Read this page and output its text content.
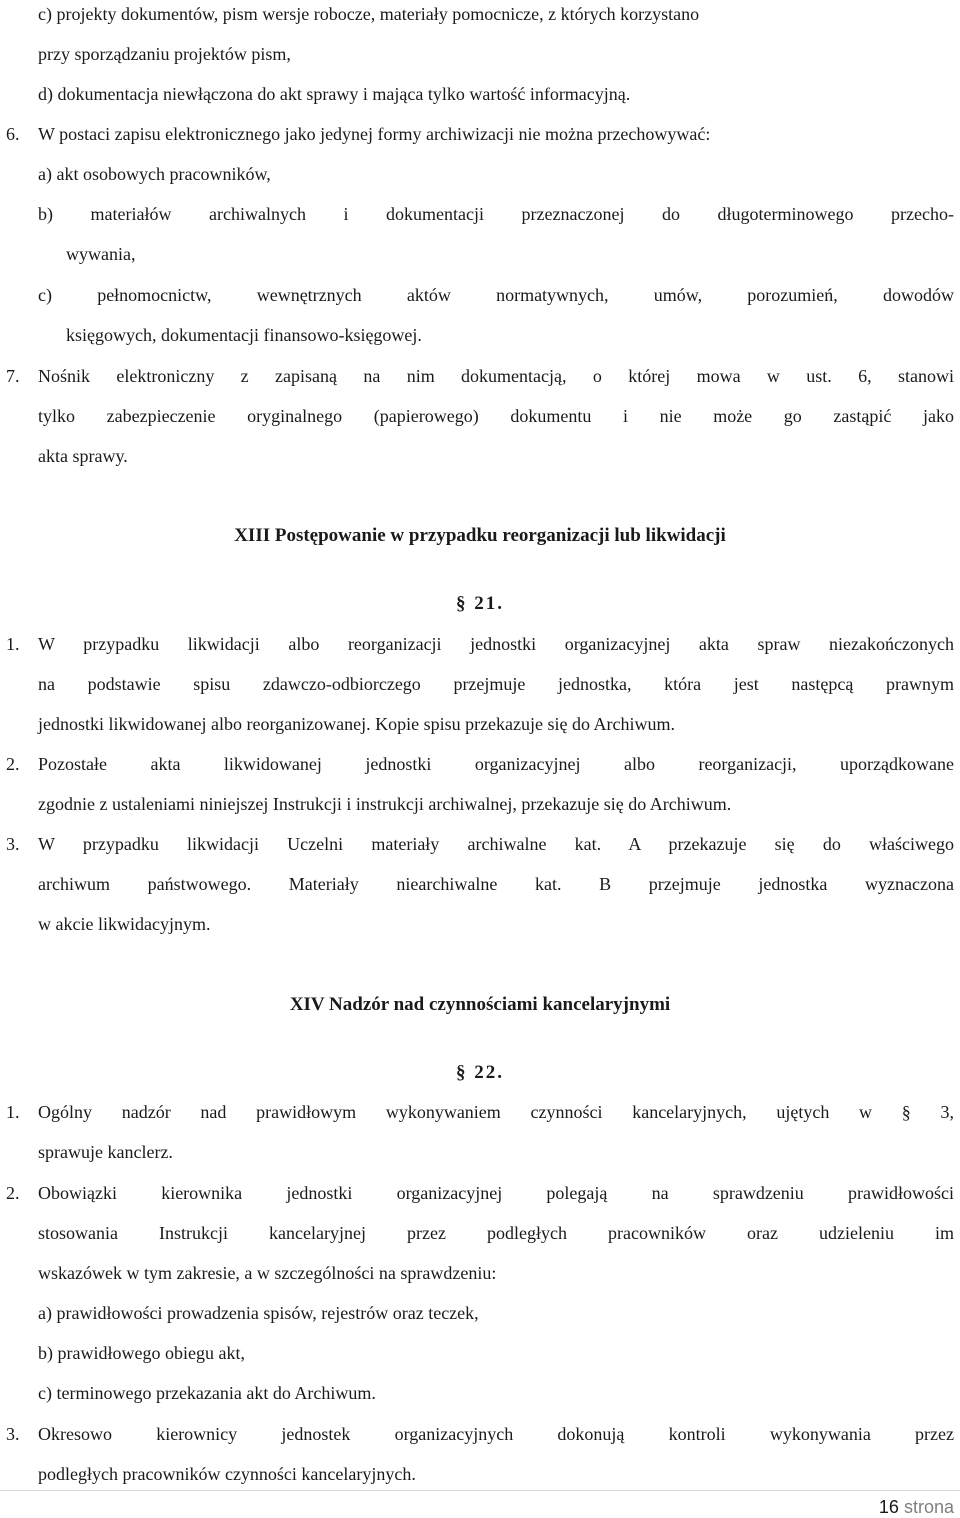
c) projekty dokumentów, pism wersje robocze, materiały pomocnicze, z których korzystano
przy sporządzaniu projektów pism,
d) dokumentacja niewłączona do akt sprawy i mająca tylko wartość informacyjną.
6. W postaci zapisu elektronicznego jako jedynej formy archiwizacji nie można przechowywać:
a) akt osobowych pracowników,
b) materiałów archiwalnych i dokumentacji przeznaczonej do długoterminowego przecho-
wywania,
c) pełnomocnictw, wewnętrznych aktów normatywnych, umów, porozumień, dowodów
księgowych, dokumentacji finansowo-księgowej.
7. Nośnik elektroniczny z zapisaną na nim dokumentacją, o której mowa w ust. 6, stanowi
tylko zabezpieczenie oryginalnego (papierowego) dokumentu i nie może go zastąpić jako
akta sprawy.
XIII Postępowanie w przypadku reorganizacji lub likwidacji
§ 21.
1. W przypadku likwidacji albo reorganizacji jednostki organizacyjnej akta spraw niezakończonych
na podstawie spisu zdawczo-odbiorczego przejmuje jednostka, która jest następcą prawnym
jednostki likwidowanej albo reorganizowanej. Kopie spisu przekazuje się do Archiwum.
2. Pozostałe akta likwidowanej jednostki organizacyjnej albo reorganizacji, uporządkowane
zgodnie z ustaleniami niniejszej Instrukcji i instrukcji archiwalnej, przekazuje się do Archiwum.
3. W przypadku likwidacji Uczelni materiały archiwalne kat. A przekazuje się do właściwego
archiwum państwowego. Materiały niearchiwalne kat. B przejmuje jednostka wyznaczona
w akcie likwidacyjnym.
XIV Nadzór nad czynnościami kancelaryjnymi
§ 22.
1. Ogólny nadzór nad prawidłowym wykonywaniem czynności kancelaryjnych, ujętych w § 3,
sprawuje kanclerz.
2. Obowiązki kierownika jednostki organizacyjnej polegają na sprawdzeniu prawidłowości
stosowania Instrukcji kancelaryjnej przez podległych pracowników oraz udzieleniu im
wskazówek w tym zakresie, a w szczególności na sprawdzeniu:
a) prawidłowości prowadzenia spisów, rejestrów oraz teczek,
b) prawidłowego obiegu akt,
c) terminowego przekazania akt do Archiwum.
3. Okresowo kierownicy jednostek organizacyjnych dokonują kontroli wykonywania przez
podległych pracowników czynności kancelaryjnych.
16 strona
